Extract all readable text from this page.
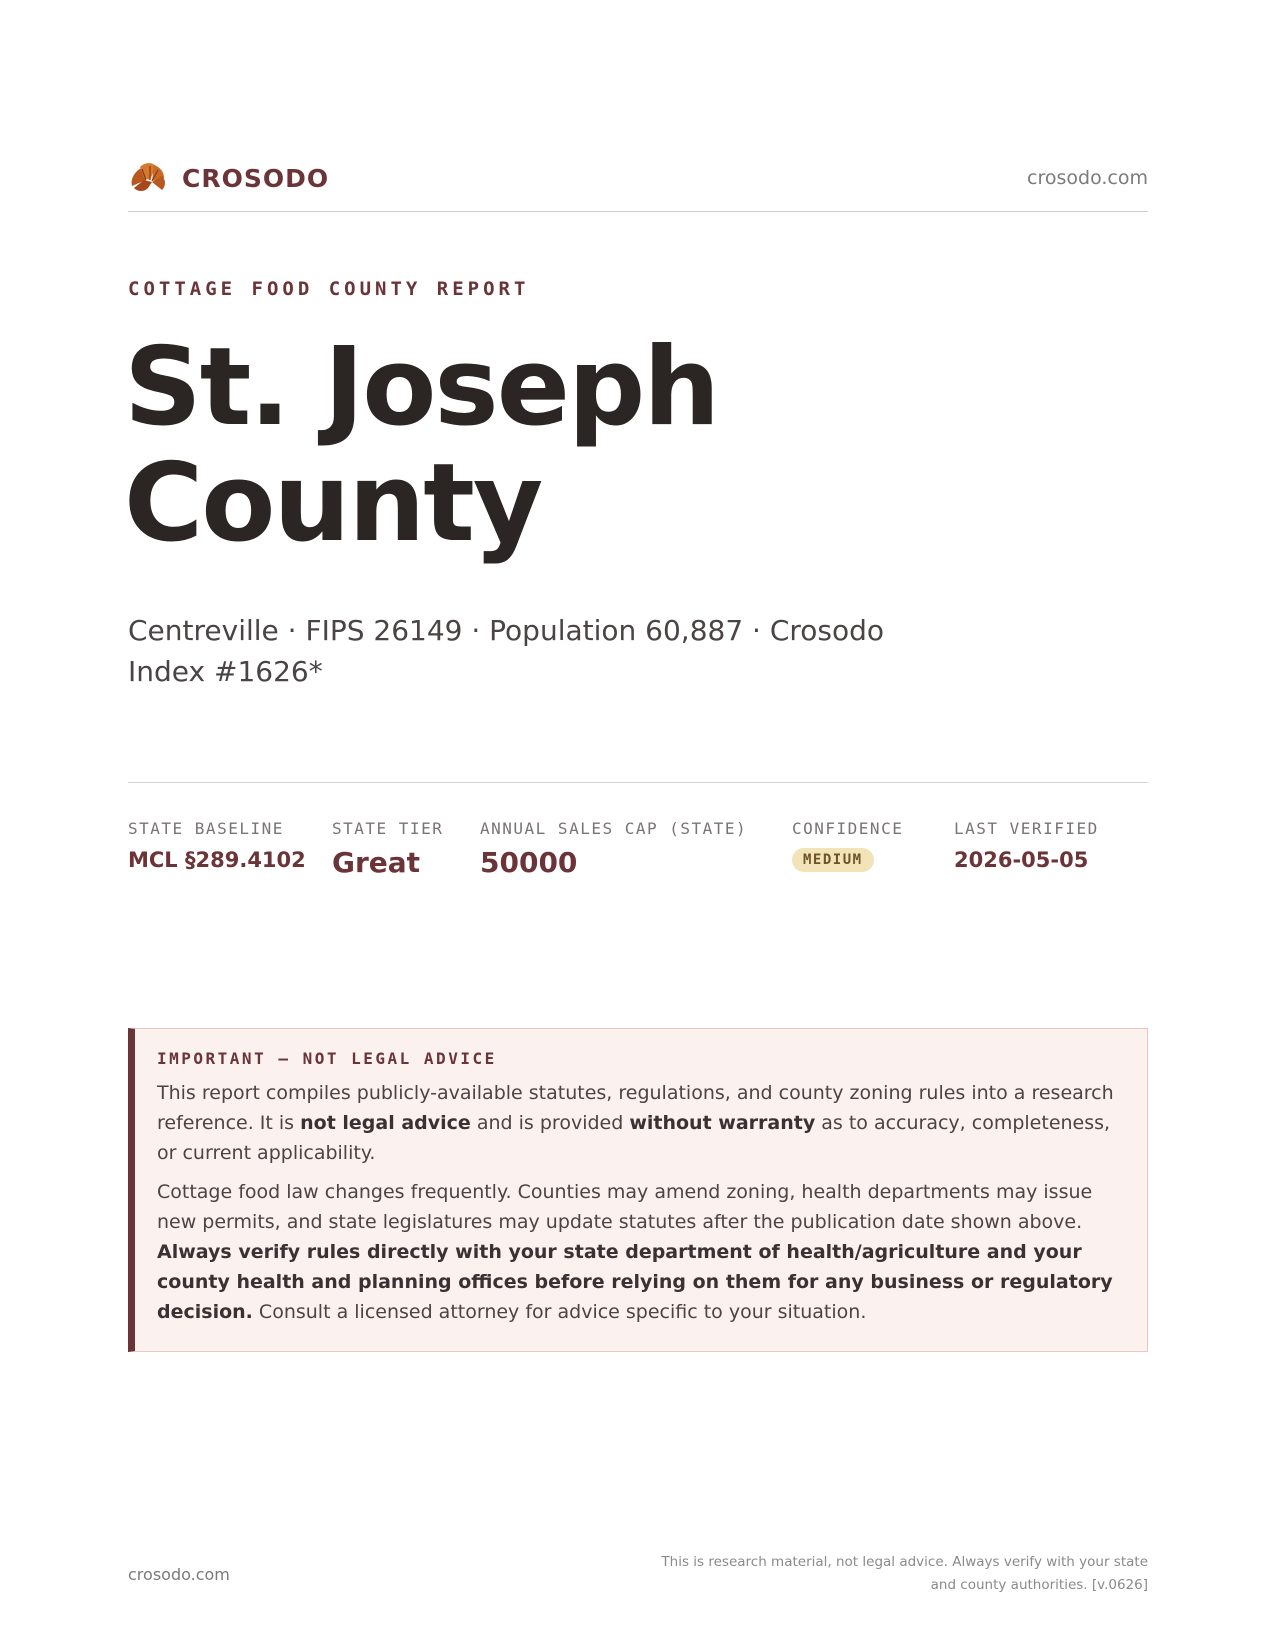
CROSODO	crosodo.com
COTTAGE FOOD COUNTY REPORT
St. Joseph
County
Centreville · FIPS 26149 · Population 60,887 · Crosodo Index #1626*
STATE BASELINE
MCL §289.4102
STATE TIER
Great
ANNUAL SALES CAP (STATE)
50000
CONFIDENCE
MEDIUM
LAST VERIFIED
2026-05-05
IMPORTANT — NOT LEGAL ADVICE

This report compiles publicly-available statutes, regulations, and county zoning rules into a research reference. It is not legal advice and is provided without warranty as to accuracy, completeness, or current applicability.

Cottage food law changes frequently. Counties may amend zoning, health departments may issue new permits, and state legislatures may update statutes after the publication date shown above. Always verify rules directly with your state department of health/agriculture and your county health and planning offices before relying on them for any business or regulatory decision. Consult a licensed attorney for advice specific to your situation.

crosodo.com
This is research material, not legal advice. Always verify with your state
and county authorities. [v.0626]
